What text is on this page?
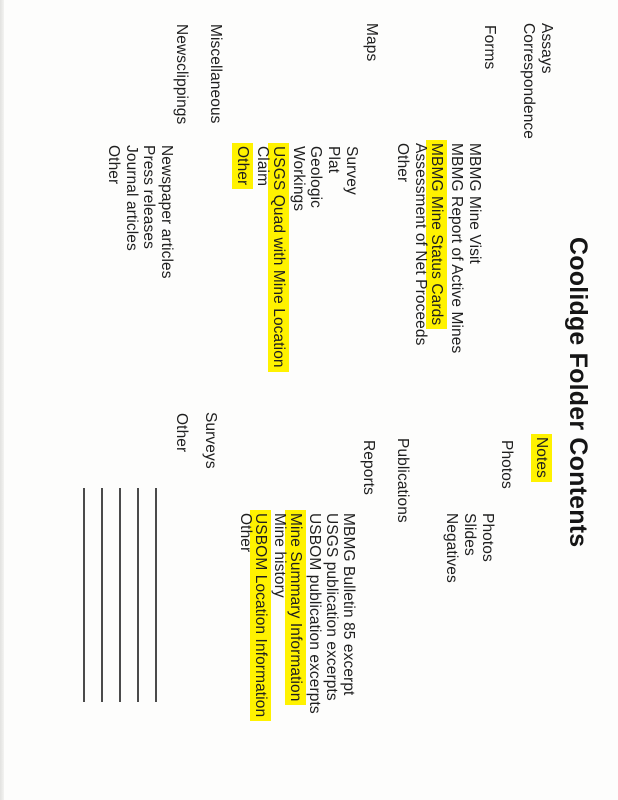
Coolidge Folder Contents
Assays
Correspondence
Forms
Maps
Miscellaneous
Newsclippings
MBMG Mine Visit
MBMG Report of Active Mines
MBMG Mine Status Cards
Assessment of Net Proceeds
Other
Survey
Plat
Geologic
Workings
USGS Quad with Mine Location
Claim
Other
Newspaper articles
Press releases
Journal articles
Other
Notes
Photos
Publications
Reports
Surveys
Photos
Slides
Negatives
MBMG Bulletin 85 excerpt
USGS publication excerpts
USBOM publication excerpts
Mine Summary Information
Mine history
USBOM Location Information
Other
Other
